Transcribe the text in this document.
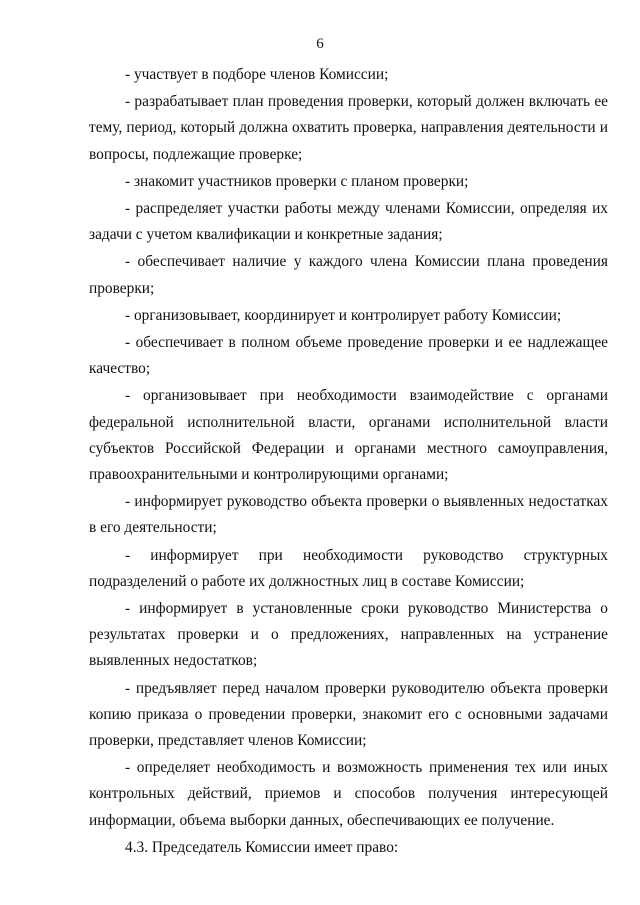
6

- участвует в подборе членов Комиссии;

- разрабатывает план проведения проверки, который должен включать ее тему, период, который должна охватить проверка, направления деятельности и вопросы, подлежащие проверке;

- знакомит участников проверки с планом проверки;

- распределяет участки работы между членами Комиссии, определяя их задачи с учетом квалификации и конкретные задания;

- обеспечивает наличие у каждого члена Комиссии плана проведения проверки;

- организовывает, координирует и контролирует работу Комиссии;

- обеспечивает в полном объеме проведение проверки и ее надлежащее качество;

- организовывает при необходимости взаимодействие с органами федеральной исполнительной власти, органами исполнительной власти субъектов Российской Федерации и органами местного самоуправления, правоохранительными и контролирующими органами;

- информирует руководство объекта проверки о выявленных недостатках в его деятельности;

- информирует при необходимости руководство структурных подразделений о работе их должностных лиц в составе Комиссии;

- информирует в установленные сроки руководство Министерства о результатах проверки и о предложениях, направленных на устранение выявленных недостатков;

- предъявляет перед началом проверки руководителю объекта проверки копию приказа о проведении проверки, знакомит его с основными задачами проверки, представляет членов Комиссии;

- определяет необходимость и возможность применения тех или иных контрольных действий, приемов и способов получения интересующей информации, объема выборки данных, обеспечивающих ее получение.

4.3. Председатель Комиссии имеет право:
